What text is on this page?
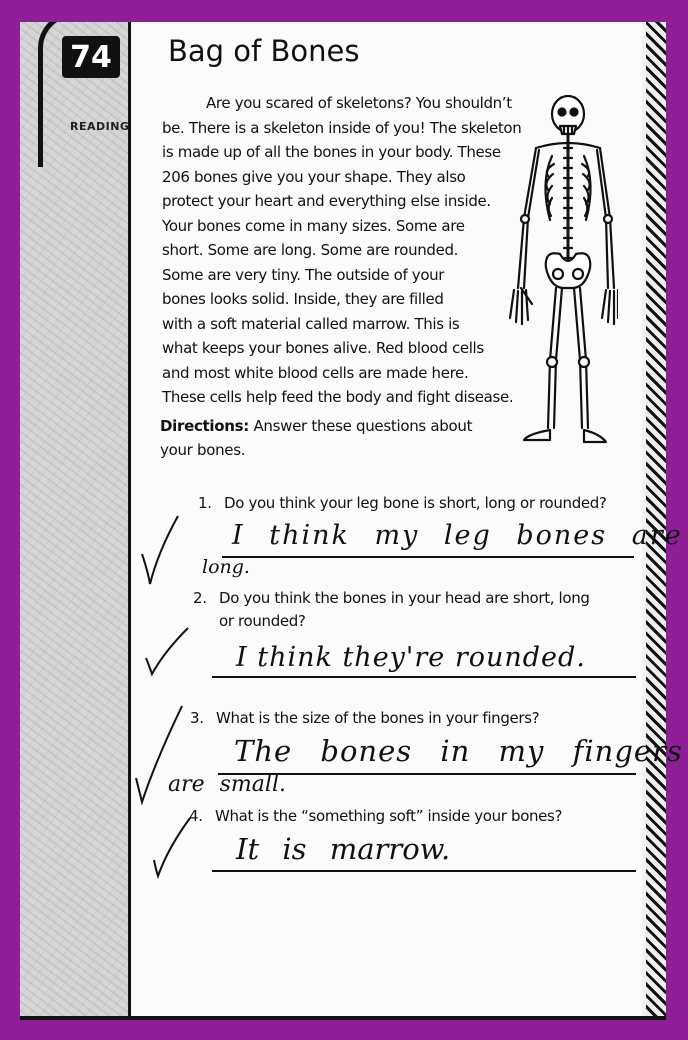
74
READING
Bag of Bones
Are you scared of skeletons? You shouldn’t
be. There is a skeleton inside of you! The skeleton
is made up of all the bones in your body. These
206 bones give you your shape. They also
protect your heart and everything else inside.
Your bones come in many sizes. Some are
short. Some are long. Some are rounded.
Some are very tiny. The outside of your
bones looks solid. Inside, they are filled
with a soft material called marrow. This is
what keeps your bones alive. Red blood cells
and most white blood cells are made here.
These cells help feed the body and fight disease.
Directions: Answer these questions about
your bones.
1. Do you think your leg bone is short, long or rounded?
I think my leg bones are
long.
2. Do you think the bones in your head are short, long
or rounded?
I think they're rounded.
3. What is the size of the bones in your fingers?
The bones in my fingers
are small.
4. What is the “something soft” inside your bones?
It is marrow.
